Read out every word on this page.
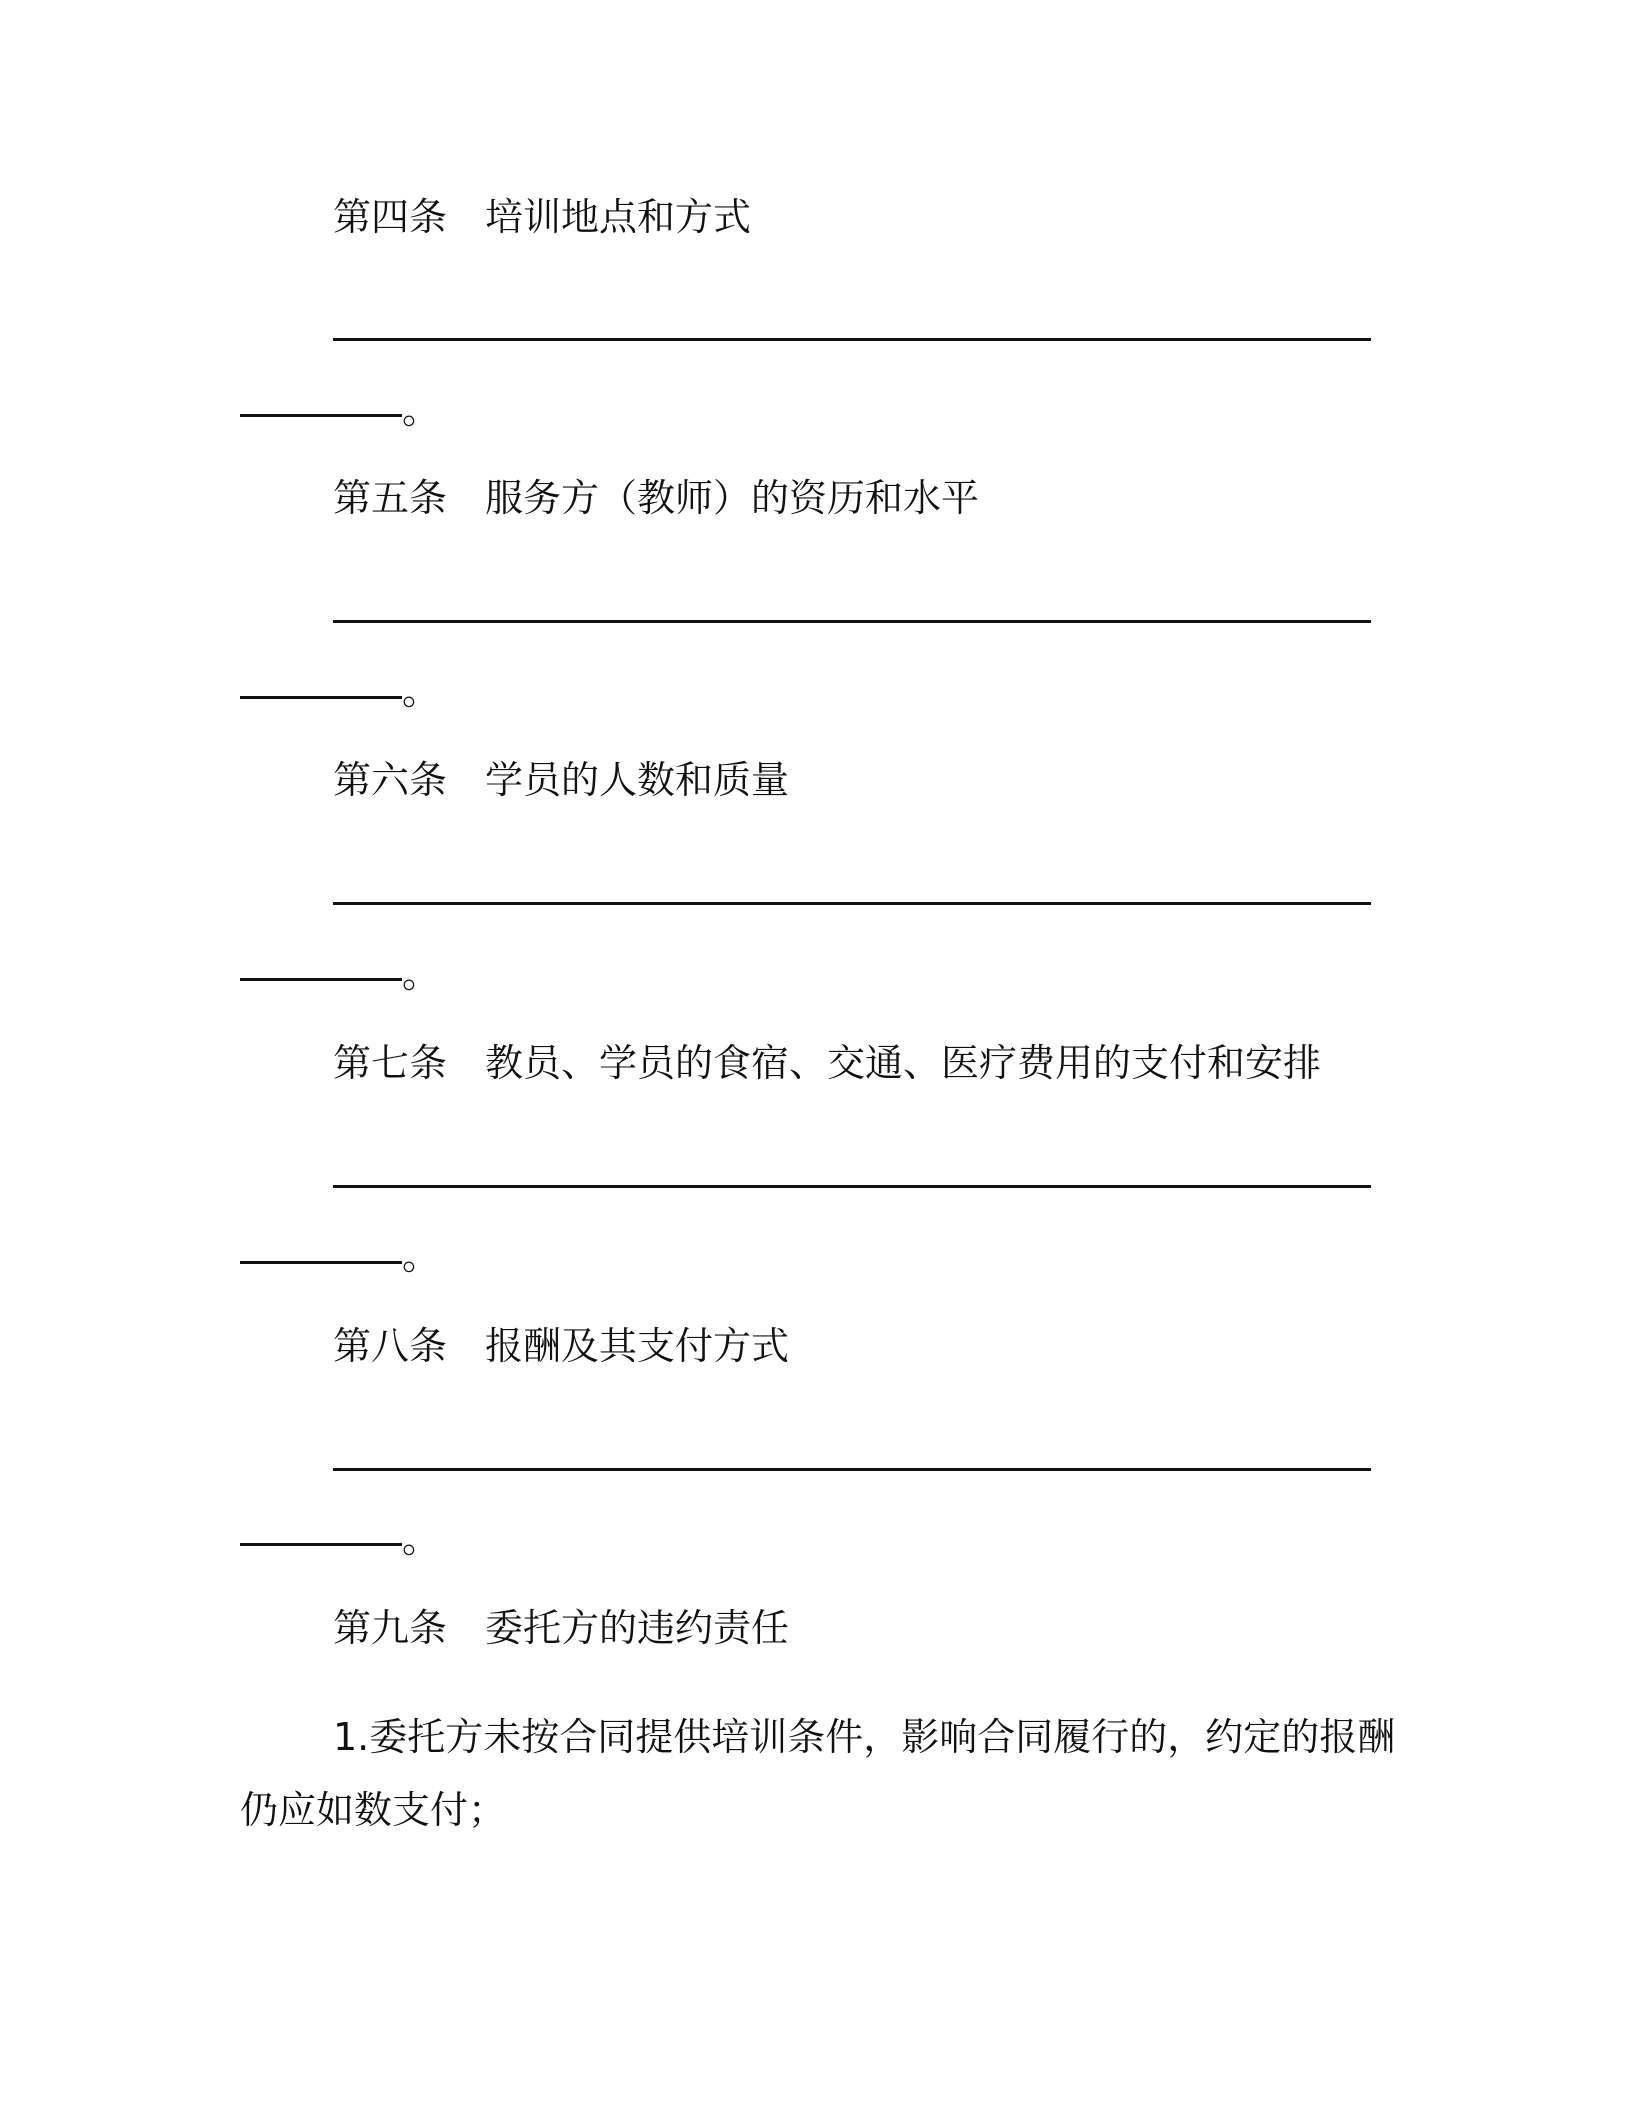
第四条 培训地点和方式
。
第五条 服务方（教师）的资历和水平
。
第六条 学员的人数和质量
。
第七条 教员、学员的食宿、交通、医疗费用的支付和安排
。
第八条 报酬及其支付方式
。
第九条 委托方的违约责任
1.委托方未按合同提供培训条件，影响合同履行的，约定的报酬
仍应如数支付；
